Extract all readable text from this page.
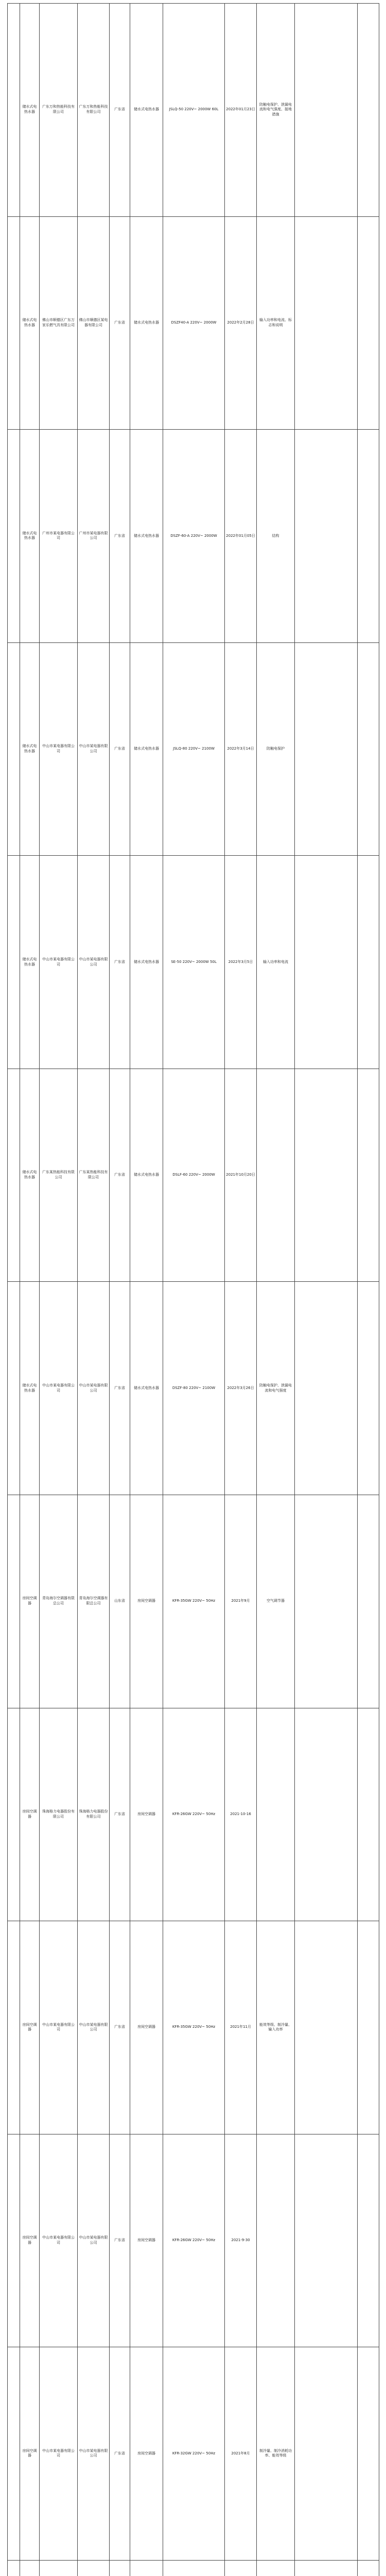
	储水式电热水器	广东万和热能科技有限公司	广东万和热能科技有限公司	广东省	储水式电热水器	JSLQ-50 220V~ 2000W 60L	2022年01月23日	防触电保护、泄漏电流和电气强度、接地措施		
	储水式电热水器	佛山市顺德区广东万家乐燃气具有限公司	佛山市顺德区某电器有限公司	广东省	储水式电热水器	DSZF40-A 220V~ 2000W	2022年2月28日	输入功率和电流、标志和说明		
	储水式电热水器	广州市某电器有限公司	广州市某电器有限公司	广东省	储水式电热水器	DSZF-60-A 220V~ 2000W	2022年01月05日	结构		
	储水式电热水器	中山市某电器有限公司	中山市某电器有限公司	广东省	储水式电热水器	JSLQ-80 220V~ 2100W	2022年3月14日	防触电保护		
	储水式电热水器	中山市某电器有限公司	中山市某电器有限公司	广东省	储水式电热水器	SE-50 220V~ 2000W 50L	2022年3月5日	输入功率和电流		
	储水式电热水器	广东某热能科技有限公司	广东某热能科技有限公司	广东省	储水式电热水器	DSLF-60 220V~ 2000W	2021年10月20日			
	储水式电热水器	中山市某电器有限公司	中山市某电器有限公司	广东省	储水式电热水器	DSZF-80 220V~ 2100W	2022年3月26日	防触电保护、泄漏电流和电气强度		
	房间空调器	青岛海尔空调器有限总公司	青岛海尔空调器有限总公司	山东省	房间空调器	KFR-35GW 220V~ 50Hz	2021年9月	空气调节器		
	房间空调器	珠海格力电器股份有限公司	珠海格力电器股份有限公司	广东省	房间空调器	KFR-26GW 220V~ 50Hz	2021-10-16			
	房间空调器	中山市某电器有限公司	中山市某电器有限公司	广东省	房间空调器	KFR-35GW 220V~ 50Hz	2021年11月	能效等级、制冷量、输入功率		
	房间空调器	中山市某电器有限公司	中山市某电器有限公司	广东省	房间空调器	KFR-26GW 220V~ 50Hz	2021-9-30			
	房间空调器	中山市某电器有限公司	中山市某电器有限公司	广东省	房间空调器	KFR-32GW 220V~ 50Hz	2021年8月	制冷量、制冷消耗功率、能效等级		
